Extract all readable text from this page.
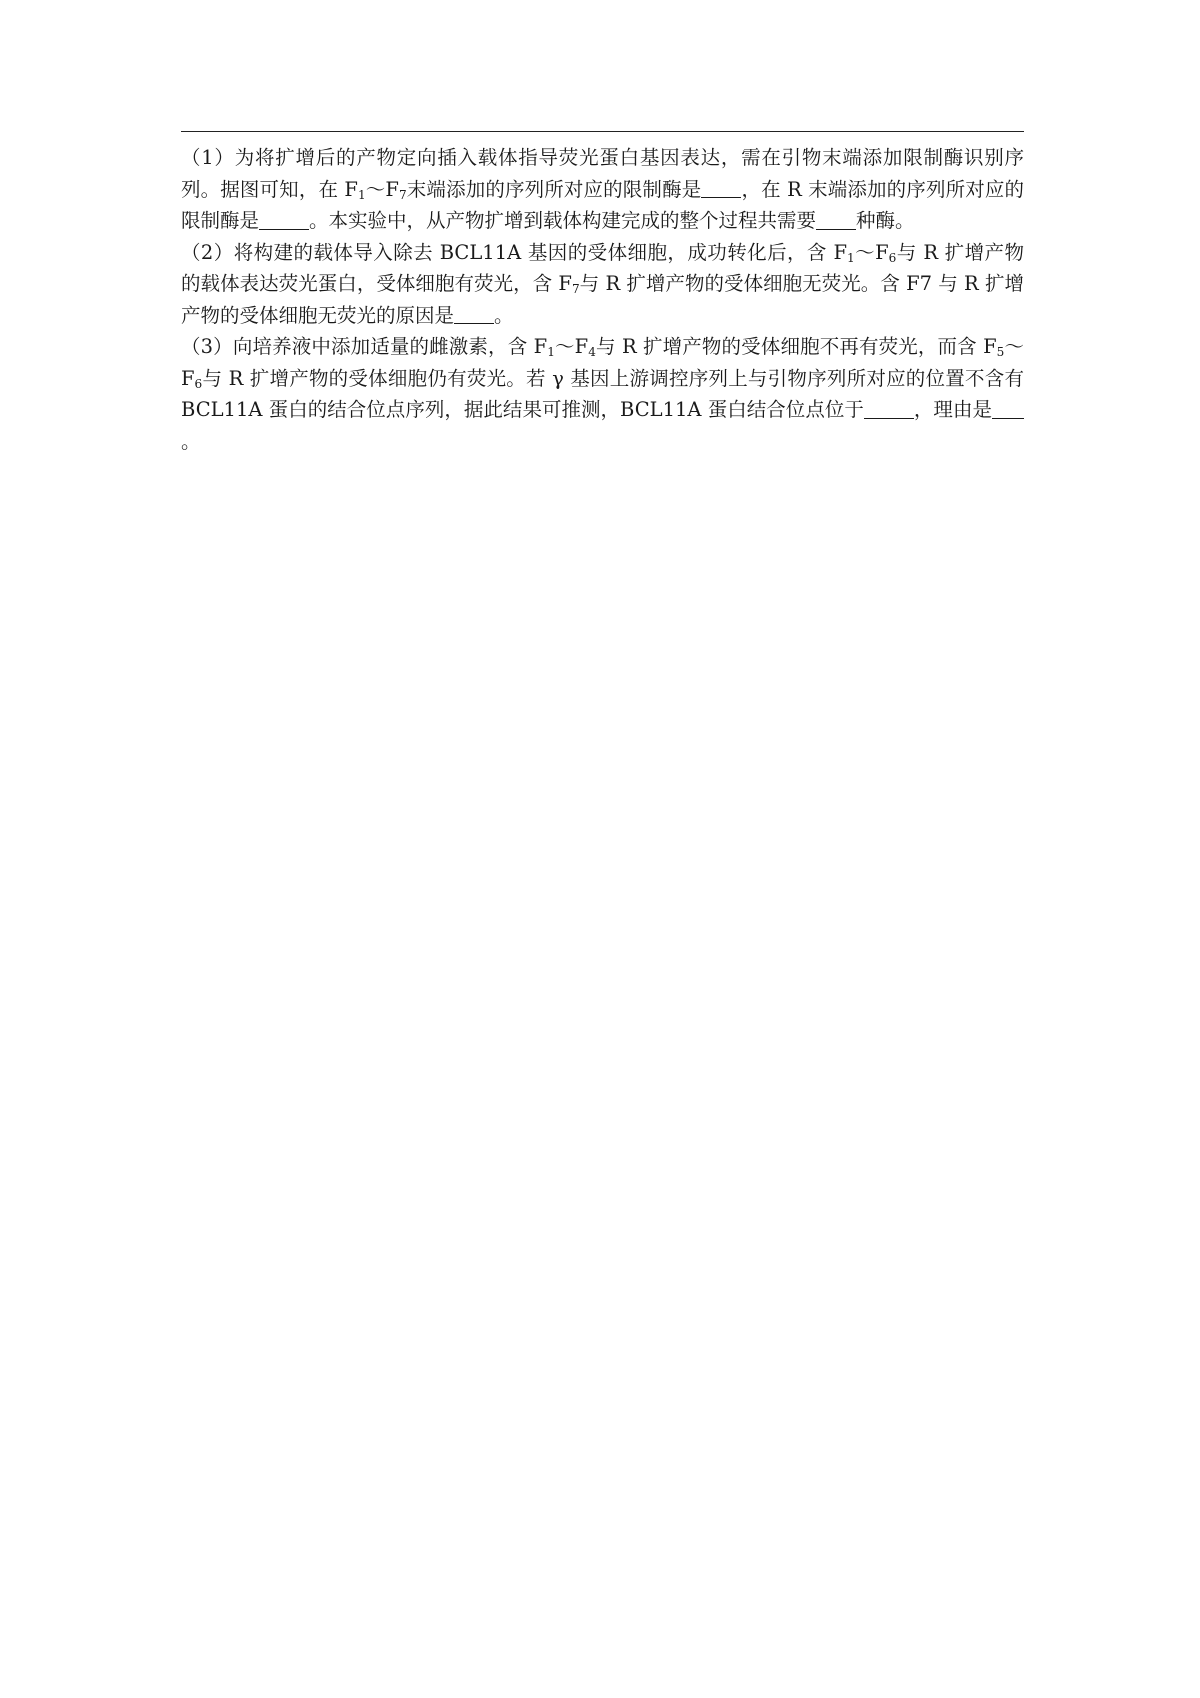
（1）为将扩增后的产物定向插入载体指导荧光蛋白基因表达，需在引物末端添加限制酶识别序列。据图可知，在 $F_1\sim F_7$末端添加的序列所对应的限制酶是 ，在 R 末端添加的序列所对应的限制酶是	。本实验中，从产物扩增到载体构建完成的整个过程共需要 种酶。

（2）将构建的载体导入除去 BCL11A 基因的受体细胞，成功转化后，含 $F_1\sim F_6$与 R 扩增产物的载体表达荧光蛋白，受体细胞有荧光，含 $F_7$与 R 扩增产物的受体细胞无荧光。含 F7 与 R 扩增产物的受体细胞无荧光的原因是 。

（3）向培养液中添加适量的雌激素，含 $F_1\sim F_4$与 R 扩增产物的受体细胞不再有荧光，而含 $F_5\sim F_6$与 R 扩增产物的受体细胞仍有荧光。若 γ 基因上游调控序列上与引物序列所对应的位置不含有 BCL11A 蛋白的结合位点序列，据此结果可推测，BCL11A 蛋白结合位点位于	，理由是。
